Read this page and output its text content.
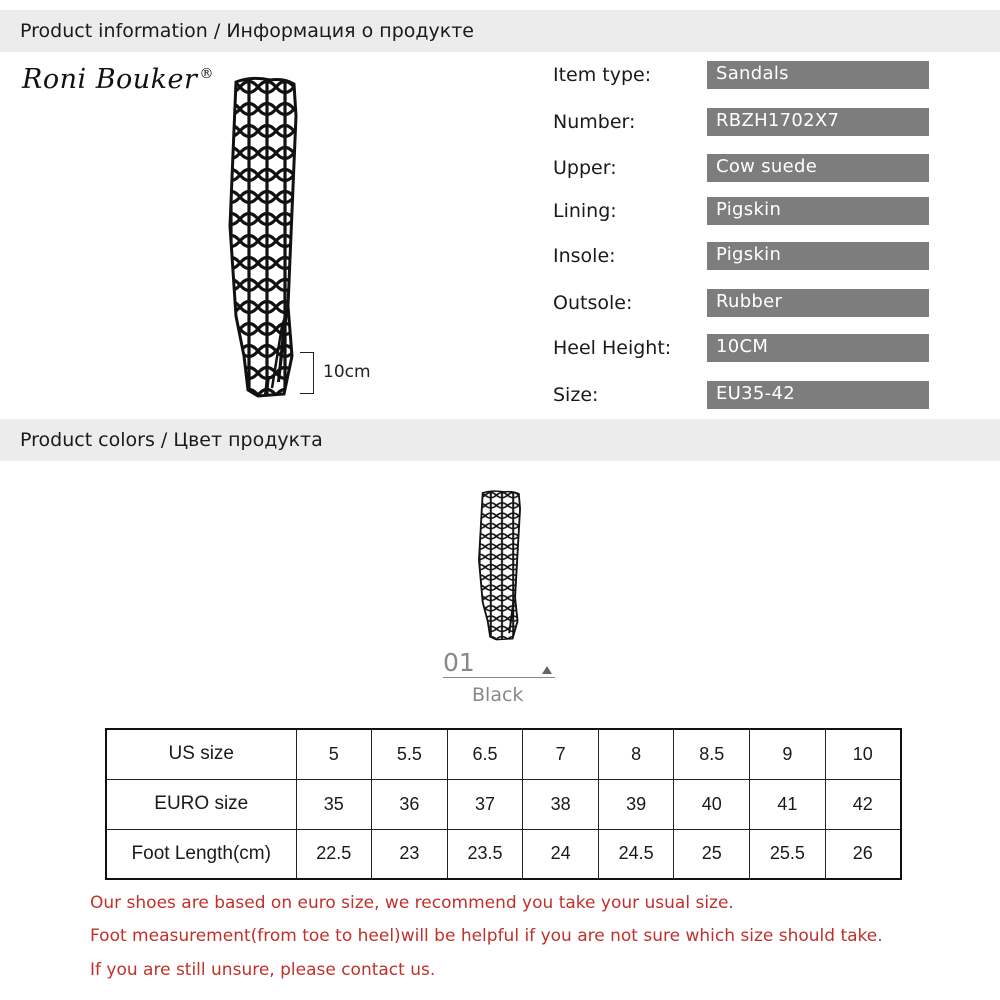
Product information / Информация о продукте
Roni Bouker ®
10cm
Item type:	Sandals
Number:	RBZH1702X7
Upper:	Cow suede
Lining:	Pigskin
Insole:	Pigskin
Outsole:	Rubber
Heel Height:	10CM
Size:	EU35-42
Product colors / Цвет продукта
01
Black
US size	5	5.5	6.5	7	8	8.5	9	10
EURO size	35	36	37	38	39	40	41	42
Foot Length(cm)	22.5	23	23.5	24	24.5	25	25.5	26
Our shoes are based on euro size, we recommend you take your usual size.
Foot measurement(from toe to heel)will be helpful if you are not sure which size should take.
If you are still unsure, please contact us.
